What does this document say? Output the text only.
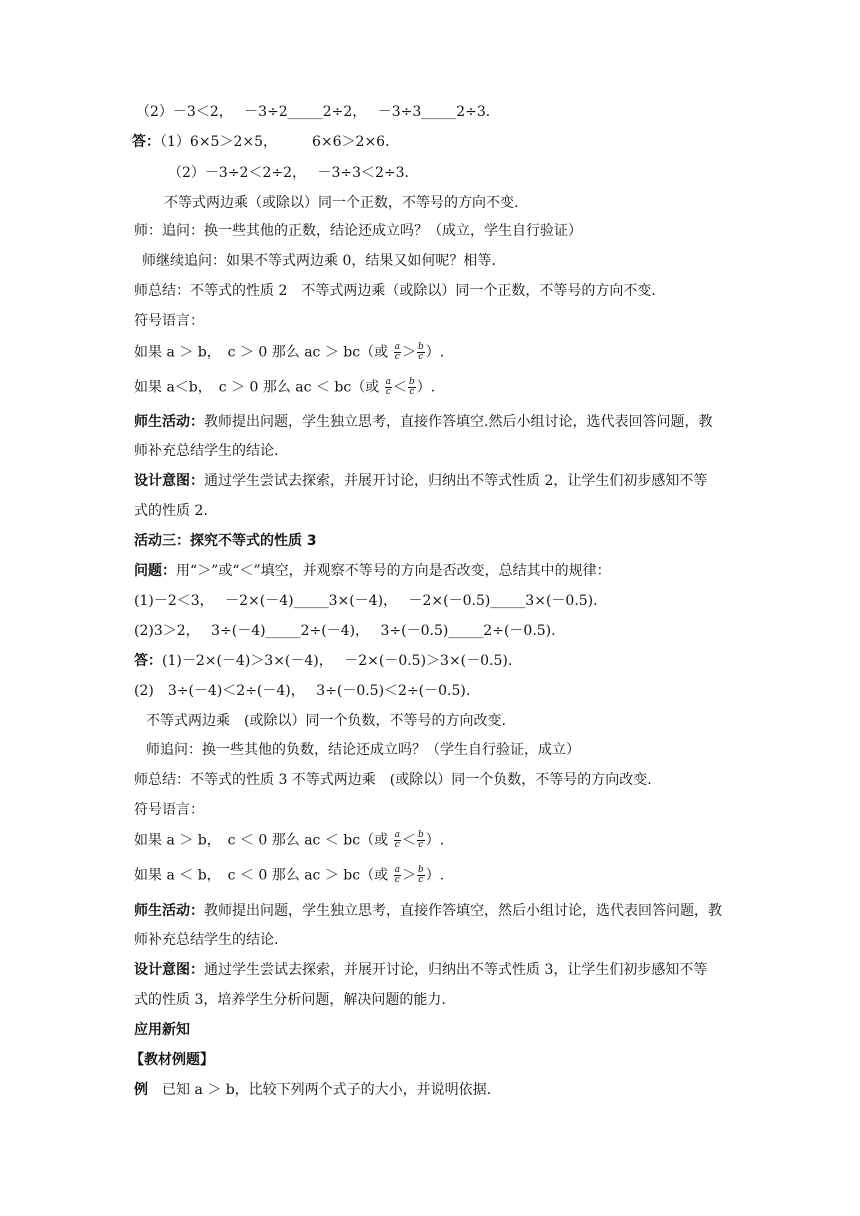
（2）－3＜2，　 －3÷2_____2÷2，　 －3÷3_____2÷3．
答：（1）6×5＞2×5，　　　6×6＞2×6．
（2）－3÷2＜2÷2，　 －3÷3＜2÷3．
不等式两边乘（或除以）同一个正数，不等号的方向不变.
师：追问：换一些其他的正数，结论还成立吗？（成立，学生自行验证）
师继续追问：如果不等式两边乘 0，结果又如何呢？相等.
师总结：不等式的性质 2　不等式两边乘（或除以）同一个正数，不等号的方向不变.
符号语言：
如果 a ＞ b，　c ＞ 0 那么 ac ＞ bc（或 $\frac{a}{c} > \frac{b}{c}$ ）.
如果 a＜b，　c ＞ 0 那么 ac ＜ bc（或 $\frac{a}{c} < \frac{b}{c}$ ）.
师生活动：教师提出问题，学生独立思考，直接作答填空.然后小组讨论，选代表回答问题，教
师补充总结学生的结论.
设计意图：通过学生尝试去探索，并展开讨论，归纳出不等式性质 2，让学生们初步感知不等
式的性质 2.
活动三：探究不等式的性质 3
问题：用“＞”或“＜”填空，并观察不等号的方向是否改变，总结其中的规律：
(1)－2＜3，　 －2×(－4)_____3×(－4)，　 －2×(－0.5)_____3×(－0.5).
(2)3＞2，　 3÷(－4)_____2÷(－4)，　 3÷(－0.5)_____2÷(－0.5).
答：(1)－2×(－4)＞3×(－4)，　 －2×(－0.5)＞3×(－0.5).
(2)　3÷(－4)＜2÷(－4)，　 3÷(－0.5)＜2÷(－0.5).
不等式两边乘　(或除以）同一个负数，不等号的方向改变.
师追问：换一些其他的负数，结论还成立吗？（学生自行验证，成立）
师总结：不等式的性质 3 不等式两边乘　(或除以）同一个负数，不等号的方向改变.
符号语言：
如果 a ＞ b，　c ＜ 0 那么 ac ＜ bc（或 $\frac{a}{c} < \frac{b}{c}$ ）.
如果 a ＜ b，　c ＜ 0 那么 ac ＞ bc（或 $\frac{a}{c} > \frac{b}{c}$ ）.
师生活动：教师提出问题，学生独立思考，直接作答填空，然后小组讨论，选代表回答问题，教
师补充总结学生的结论.
设计意图：通过学生尝试去探索，并展开讨论，归纳出不等式性质 3，让学生们初步感知不等
式的性质 3，培养学生分析问题，解决问题的能力.
应用新知
【教材例题】
例　已知 a ＞ b，比较下列两个式子的大小，并说明依据.
